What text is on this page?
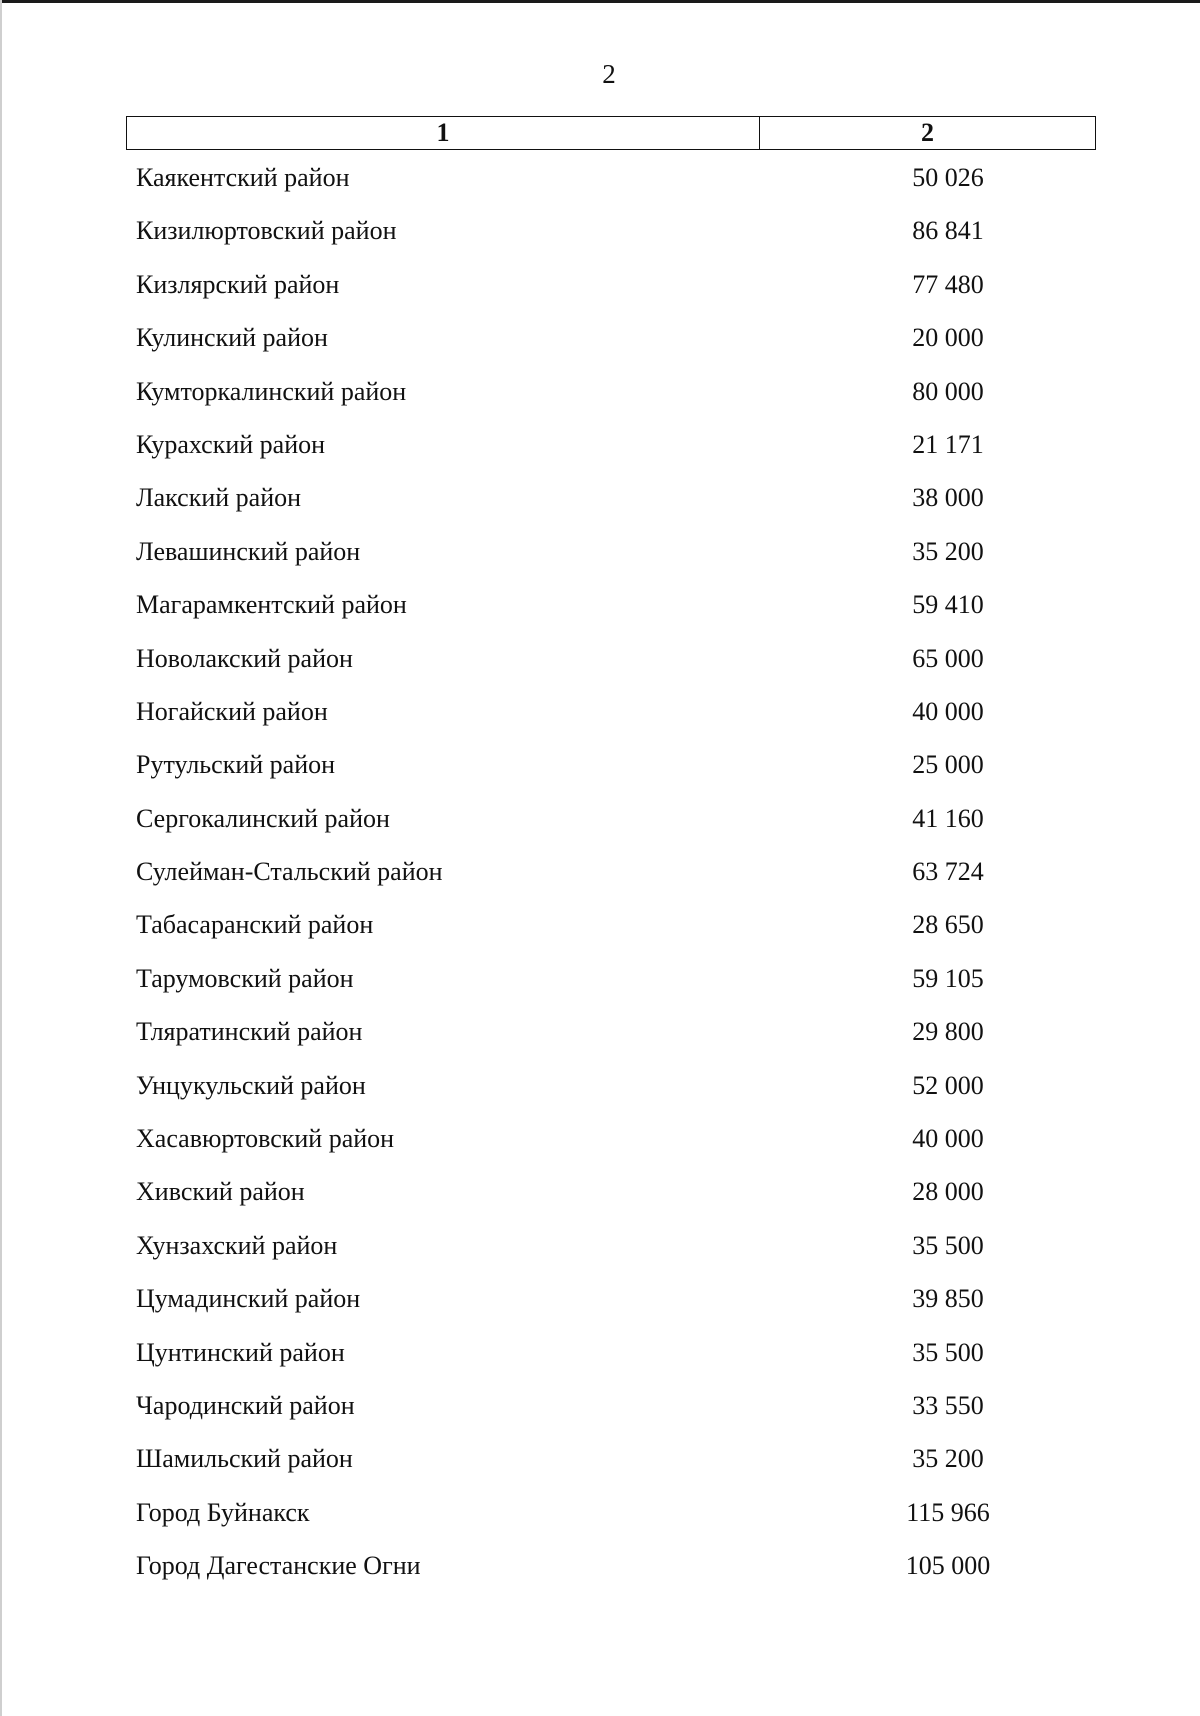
2
1	2
Каякентский район	50 026
Кизилюртовский район	86 841
Кизлярский район	77 480
Кулинский район	20 000
Кумторкалинский район	80 000
Курахский район	21 171
Лакский район	38 000
Левашинский район	35 200
Магарамкентский район	59 410
Новолакский район	65 000
Ногайский район	40 000
Рутульский район	25 000
Сергокалинский район	41 160
Сулейман-Стальский район	63 724
Табасаранский район	28 650
Тарумовский район	59 105
Тляратинский район	29 800
Унцукульский район	52 000
Хасавюртовский район	40 000
Хивский район	28 000
Хунзахский район	35 500
Цумадинский район	39 850
Цунтинский район	35 500
Чародинский район	33 550
Шамильский район	35 200
Город Буйнакск	115 966
Город Дагестанские Огни	105 000
